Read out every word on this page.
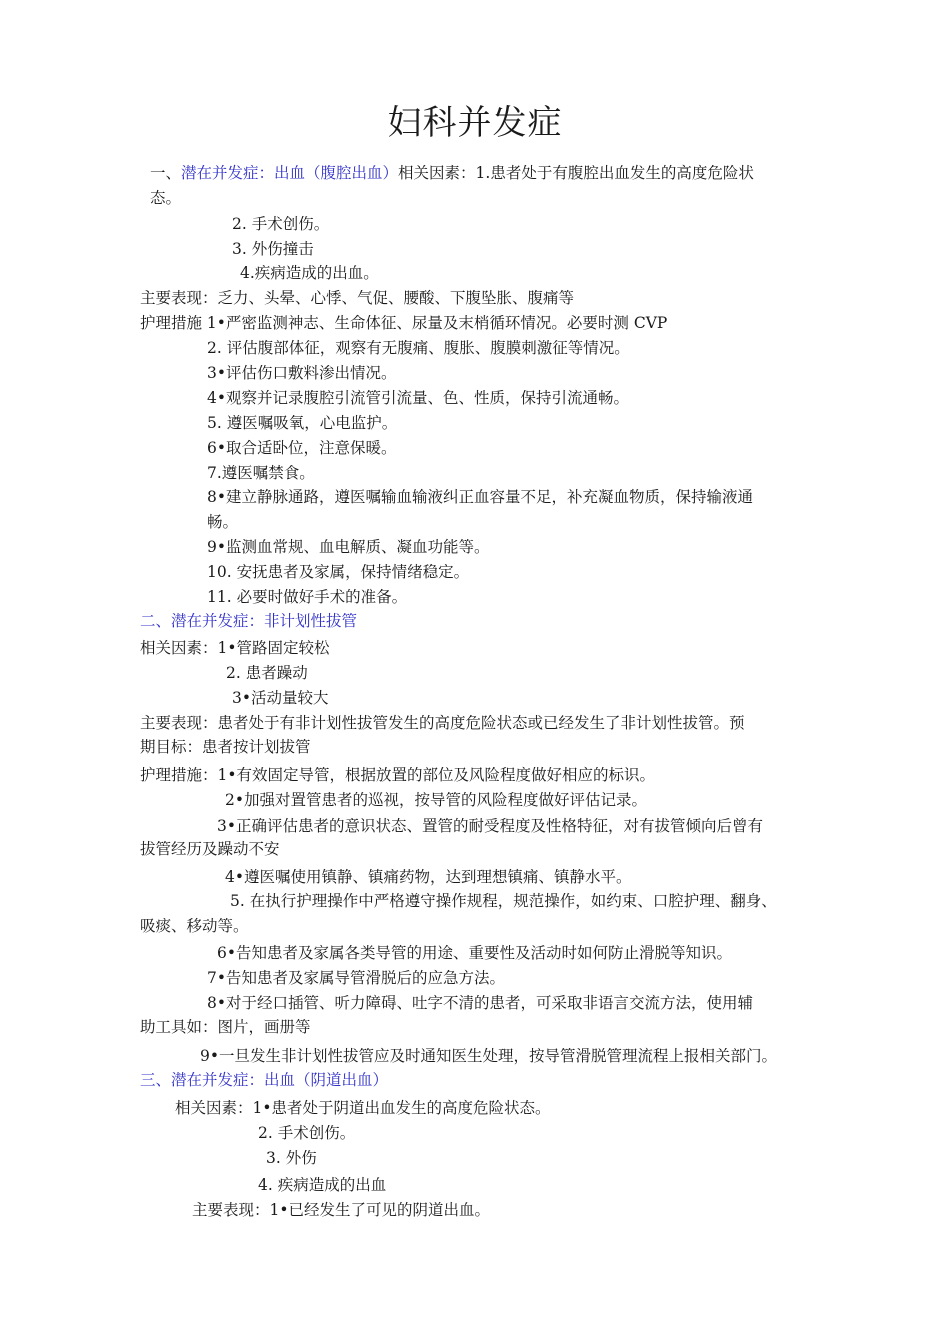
妇科并发症
一、潜在并发症：出血（腹腔出血）相关因素：1.患者处于有腹腔出血发生的高度危险状
态。
2. 手术创伤。
3. 外伤撞击
4.疾病造成的出血。
主要表现：乏力、头晕、心悸、气促、腰酸、下腹坠胀、腹痛等
护理措施 1•严密监测神志、生命体征、尿量及末梢循环情况。必要时测 CVP
2. 评估腹部体征，观察有无腹痛、腹胀、腹膜刺激征等情况。
3•评估伤口敷料渗出情况。
4•观察并记录腹腔引流管引流量、色、性质，保持引流通畅。
5. 遵医嘱吸氧，心电监护。
6•取合适卧位，注意保暖。
7.遵医嘱禁食。
8•建立静脉通路，遵医嘱输血输液纠正血容量不足，补充凝血物质，保持输液通
畅。
9•监测血常规、血电解质、凝血功能等。
10. 安抚患者及家属，保持情绪稳定。
11. 必要时做好手术的准备。
二、潜在并发症：非计划性拔管
相关因素：1•管路固定较松
2. 患者躁动
3•活动量较大
主要表现：患者处于有非计划性拔管发生的高度危险状态或已经发生了非计划性拔管。预
期目标：患者按计划拔管
护理措施：1•有效固定导管，根据放置的部位及风险程度做好相应的标识。
2•加强对置管患者的巡视，按导管的风险程度做好评估记录。
3•正确评估患者的意识状态、置管的耐受程度及性格特征，对有拔管倾向后曾有
拔管经历及躁动不安
4•遵医嘱使用镇静、镇痛药物，达到理想镇痛、镇静水平。
5. 在执行护理操作中严格遵守操作规程，规范操作，如约束、口腔护理、翻身、
吸痰、移动等。
6•告知患者及家属各类导管的用途、重要性及活动时如何防止滑脱等知识。
7•告知患者及家属导管滑脱后的应急方法。
8•对于经口插管、听力障碍、吐字不清的患者，可采取非语言交流方法，使用辅
助工具如：图片，画册等
9•一旦发生非计划性拔管应及时通知医生处理，按导管滑脱管理流程上报相关部门。
三、潜在并发症：出血（阴道出血）
相关因素：1•患者处于阴道出血发生的高度危险状态。
2. 手术创伤。
3. 外伤
4. 疾病造成的出血
主要表现：1•已经发生了可见的阴道出血。
